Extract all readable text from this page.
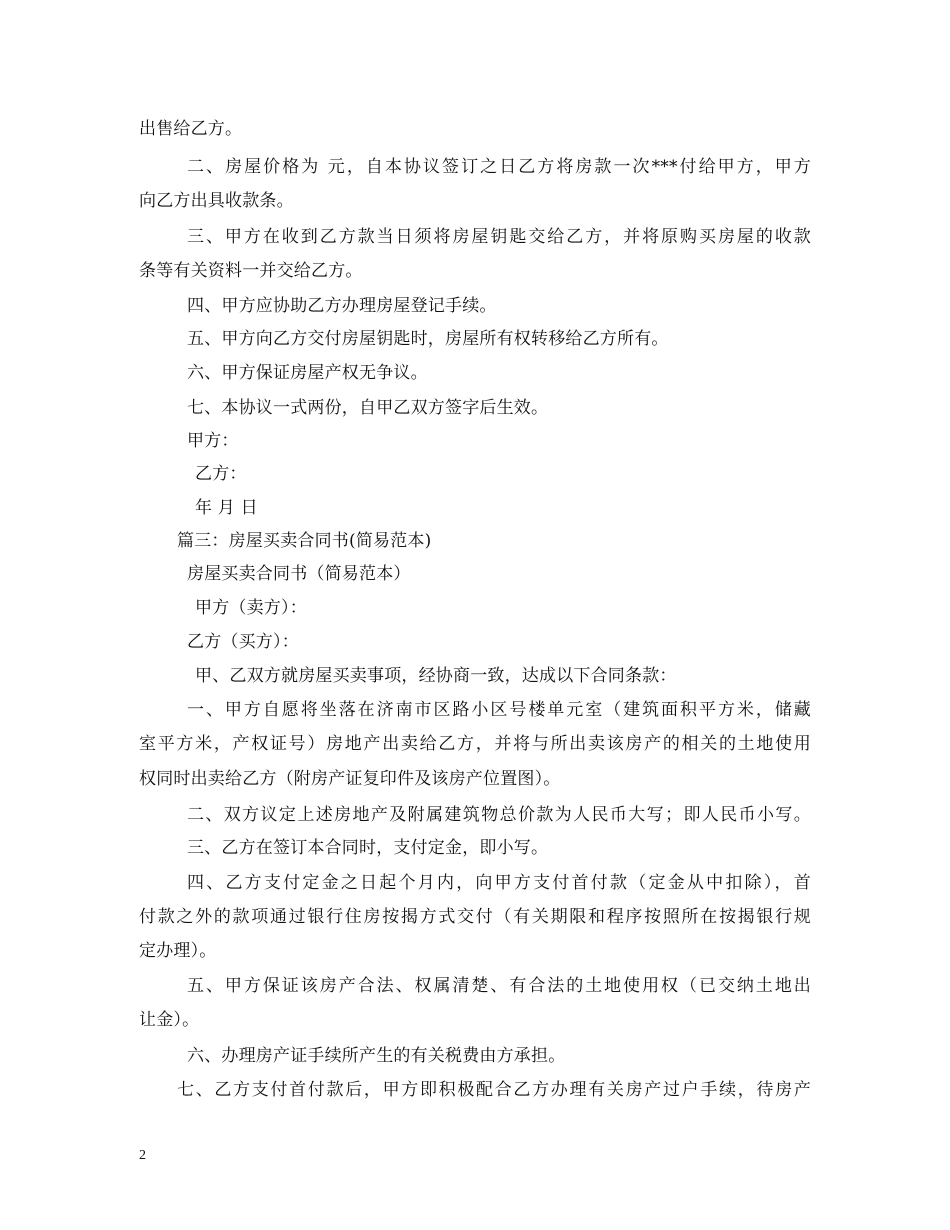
出售给乙方。
二、房屋价格为 元，自本协议签订之日乙方将房款一次***付给甲方，甲方
向乙方出具收款条。
三、甲方在收到乙方款当日须将房屋钥匙交给乙方，并将原购买房屋的收款
条等有关资料一并交给乙方。
四、甲方应协助乙方办理房屋登记手续。
五、甲方向乙方交付房屋钥匙时，房屋所有权转移给乙方所有。
六、甲方保证房屋产权无争议。
七、本协议一式两份，自甲乙双方签字后生效。
甲方：
乙方：
年 月 日
篇三：房屋买卖合同书(简易范本)
房屋买卖合同书（简易范本）
甲方（卖方）：
乙方（买方）：
甲、乙双方就房屋买卖事项，经协商一致，达成以下合同条款：
一、甲方自愿将坐落在济南市区路小区号楼单元室（建筑面积平方米，储藏
室平方米，产权证号）房地产出卖给乙方，并将与所出卖该房产的相关的土地使用
权同时出卖给乙方（附房产证复印件及该房产位置图）。
二、双方议定上述房地产及附属建筑物总价款为人民币大写；即人民币小写。
三、乙方在签订本合同时，支付定金，即小写。
四、乙方支付定金之日起个月内，向甲方支付首付款（定金从中扣除），首
付款之外的款项通过银行住房按揭方式交付（有关期限和程序按照所在按揭银行规
定办理）。
五、甲方保证该房产合法、权属清楚、有合法的土地使用权（已交纳土地出
让金）。
六、办理房产证手续所产生的有关税费由方承担。
七、乙方支付首付款后，甲方即积极配合乙方办理有关房产过户手续，待房产
2
